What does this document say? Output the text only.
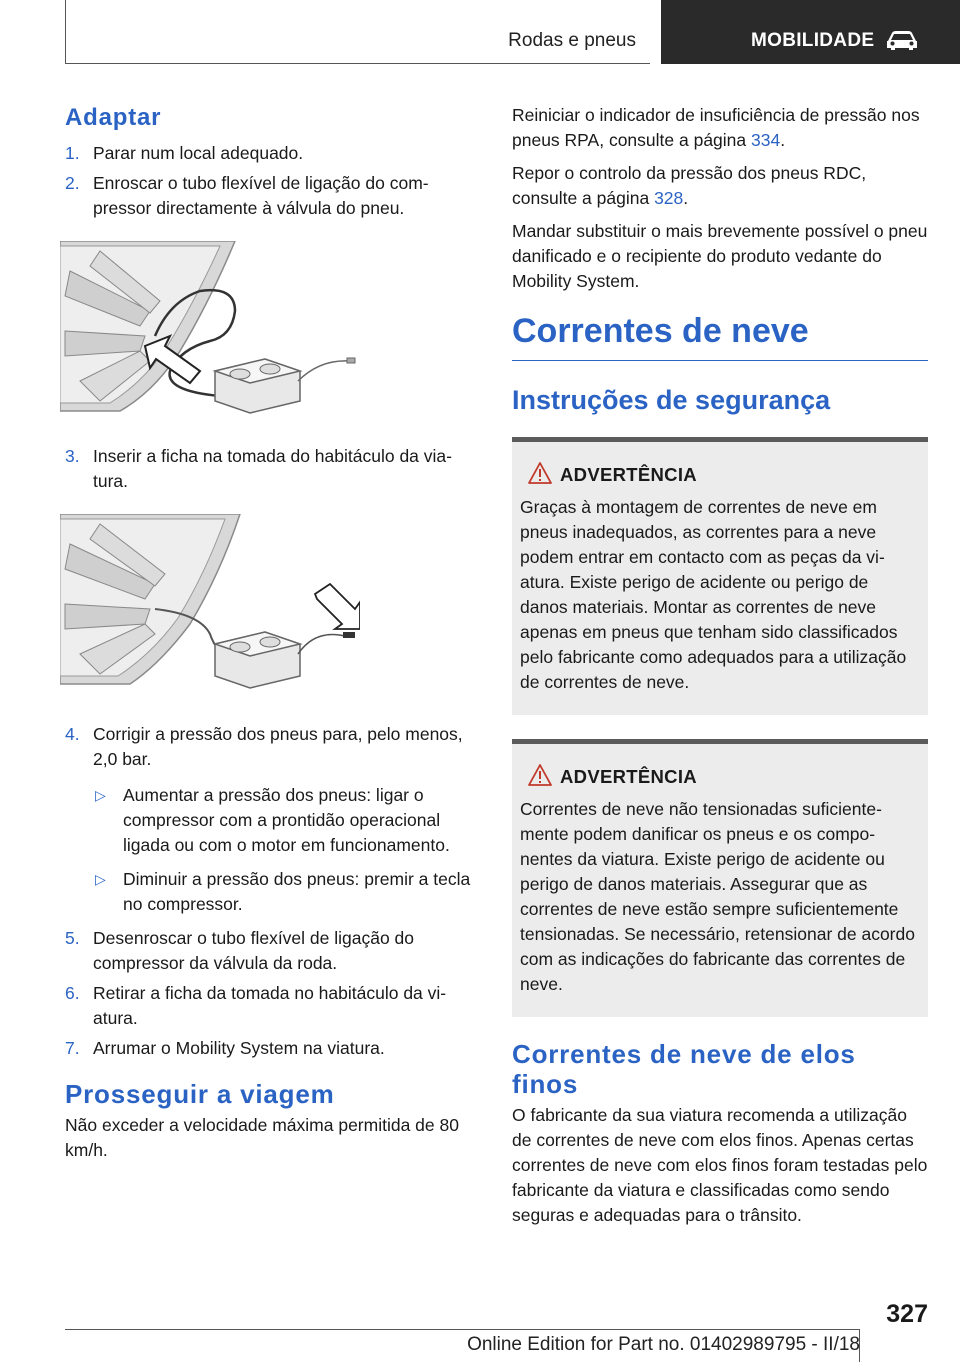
Rodas e pneus	MOBILIDADE
Adaptar
1. Parar num local adequado.
2. Enroscar o tubo flexível de ligação do compressor directamente à válvula do pneu.
3. Inserir a ficha na tomada do habitáculo da viatura.
4. Corrigir a pressão dos pneus para, pelo menos, 2,0 bar.
▷ Aumentar a pressão dos pneus: ligar o compressor com a prontidão operacional ligada ou com o motor em funcionamento.
▷ Diminuir a pressão dos pneus: premir a tecla no compressor.
5. Desenroscar o tubo flexível de ligação do compressor da válvula da roda.
6. Retirar a ficha da tomada no habitáculo da viatura.
7. Arrumar o Mobility System na viatura.
Prosseguir a viagem

Não exceder a velocidade máxima permitida de 80 km/h.

Reiniciar o indicador de insuficiência de pressão nos pneus RPA, consulte a página 334.

Repor o controlo da pressão dos pneus RDC, consulte a página 328.

Mandar substituir o mais brevemente possível o pneu danificado e o recipiente do produto vedante do Mobility System.

Correntes de neve
Instruções de segurança
ADVERTÊNCIA
Graças à montagem de correntes de neve em pneus inadequados, as correntes para a neve podem entrar em contacto com as peças da viatura. Existe perigo de acidente ou perigo de danos materiais. Montar as correntes de neve apenas em pneus que tenham sido classificados pelo fabricante como adequados para a utilização de correntes de neve.
ADVERTÊNCIA
Correntes de neve não tensionadas suficientemente podem danificar os pneus e os componentes da viatura. Existe perigo de acidente ou perigo de danos materiais. Assegurar que as correntes de neve estão sempre suficientemente tensionadas. Se necessário, retensionar de acordo com as indicações do fabricante das correntes de neve.
Correntes de neve de elos finos

O fabricante da sua viatura recomenda a utilização de correntes de neve com elos finos. Apenas certas correntes de neve com elos finos foram testadas pelo fabricante da viatura e classificadas como sendo seguras e adequadas para o trânsito.

327
Online Edition for Part no. 01402989795 - II/18
